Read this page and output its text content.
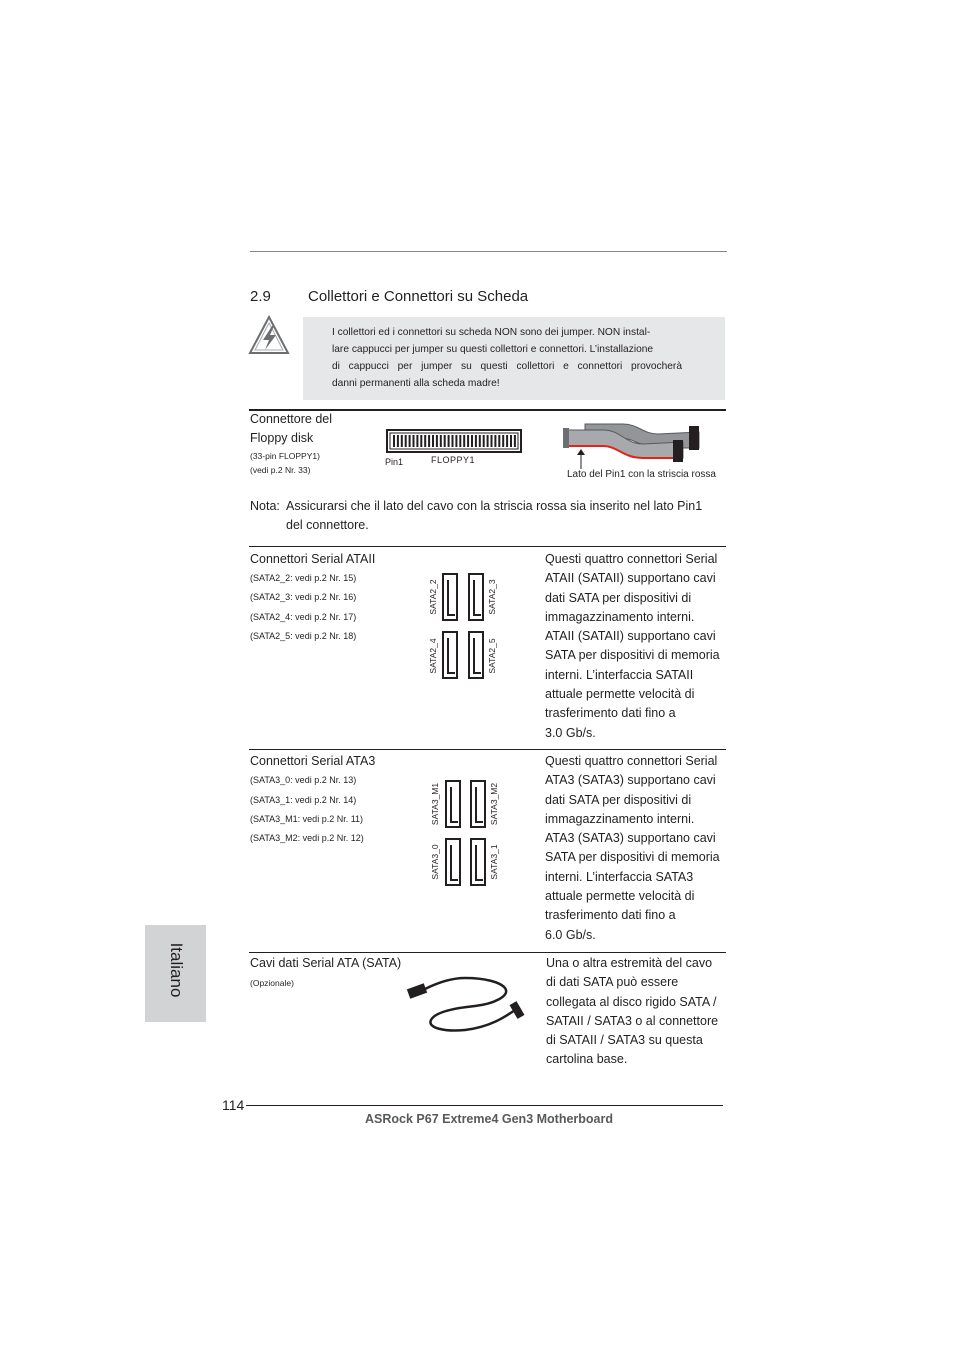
2.9 Collettori e Connettori su Scheda
I collettori ed i connettori su scheda NON sono dei jumper. NON instal-
lare cappucci per jumper su questi collettori e connettori. L’installazione
di cappucci per jumper su questi collettori e connettori provocherà
danni permanenti alla scheda madre!
Connettore del
Floppy disk
(33-pin FLOPPY1)
(vedi p.2 Nr. 33)
Pin1	FLOPPY1
Lato del Pin1 con la striscia rossa
Nota: Assicurarsi che il lato del cavo con la striscia rossa sia inserito nel lato Pin1
del connettore.
Connettori Serial ATAII
(SATA2_2: vedi p.2 Nr. 15)
(SATA2_3: vedi p.2 Nr. 16)
(SATA2_4: vedi p.2 Nr. 17)
(SATA2_5: vedi p.2 Nr. 18)
SATA2_2	SATA2_3
SATA2_4	SATA2_5
Questi quattro connettori Serial
ATAII (SATAII) supportano cavi
dati SATA per dispositivi di
immagazzinamento interni.
ATAII (SATAII) supportano cavi
SATA per dispositivi di memoria
interni. L’interfaccia SATAII
attuale permette velocità di
trasferimento dati fino a
3.0 Gb/s.
Connettori Serial ATA3
(SATA3_0: vedi p.2 Nr. 13)
(SATA3_1: vedi p.2 Nr. 14)
(SATA3_M1: vedi p.2 Nr. 11)
(SATA3_M2: vedi p.2 Nr. 12)
SATA3_M1	SATA3_M2
SATA3_0	SATA3_1
Questi quattro connettori Serial
ATA3 (SATA3) supportano cavi
dati SATA per dispositivi di
immagazzinamento interni.
ATA3 (SATA3) supportano cavi
SATA per dispositivi di memoria
interni. L’interfaccia SATA3
attuale permette velocità di
trasferimento dati fino a
6.0 Gb/s.
Cavi dati Serial ATA (SATA)
(Opzionale)
Una o altra estremità del cavo
di dati SATA può essere
collegata al disco rigido SATA /
SATAII / SATA3 o al connettore
di SATAII / SATA3 su questa
cartolina base.
Italiano
114
ASRock P67 Extreme4 Gen3 Motherboard
